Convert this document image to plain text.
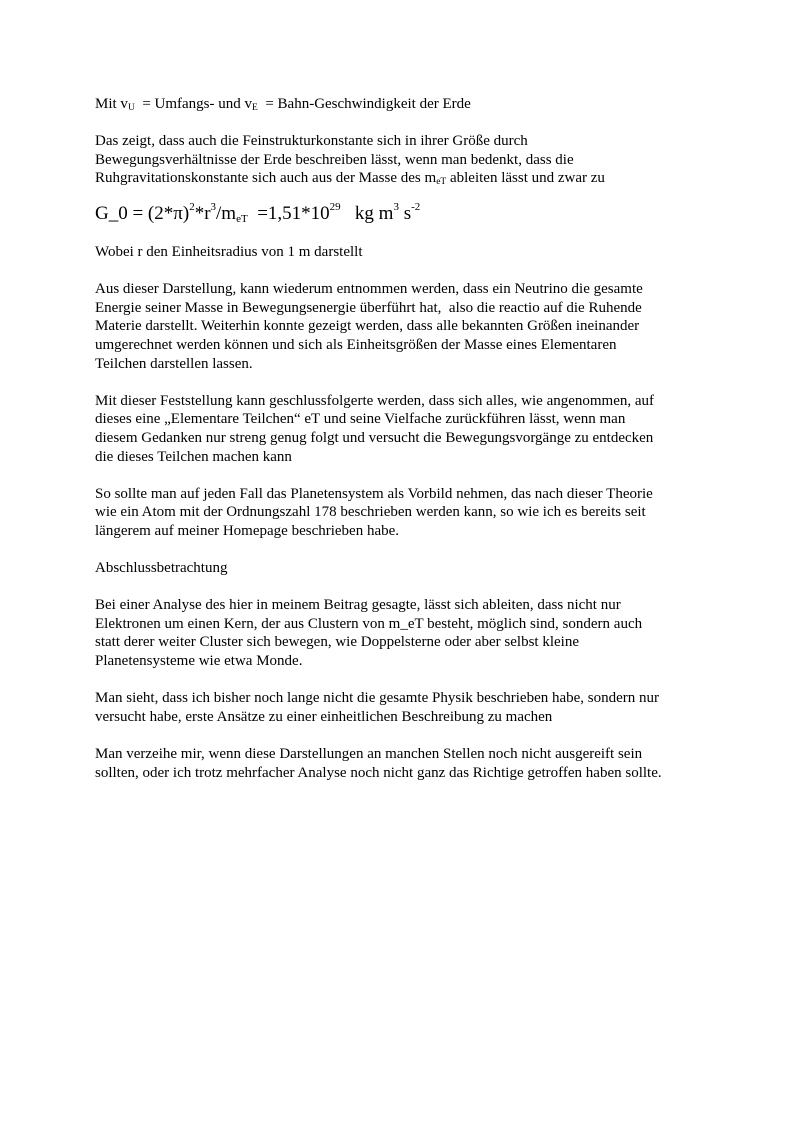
Mit $v_U$  = Umfangs- und $v_E$  = Bahn-Geschwindigkeit der Erde

Das zeigt, dass auch die Feinstrukturkonstante sich in ihrer Größe durch
Bewegungsverhältnisse der Erde beschreiben lässt, wenn man bedenkt, dass die
Ruhgravitationskonstante sich auch aus der Masse des $m_{eT}$ ableiten lässt und zwar zu

G_0 = $(2*\pi)^2*r^3/m_{eT} =1,51*10^{29}$   kg $m^3$ $s^{-2}$

Wobei r den Einheitsradius von 1 m darstellt

Aus dieser Darstellung, kann wiederum entnommen werden, dass ein Neutrino die gesamte
Energie seiner Masse in Bewegungsenergie überführt hat,  also die reactio auf die Ruhende
Materie darstellt. Weiterhin konnte gezeigt werden, dass alle bekannten Größen ineinander
umgerechnet werden können und sich als Einheitsgrößen der Masse eines Elementaren
Teilchen darstellen lassen.

Mit dieser Feststellung kann geschlussfolgerte werden, dass sich alles, wie angenommen, auf
dieses eine „Elementare Teilchen“ eT und seine Vielfache zurückführen lässt, wenn man
diesem Gedanken nur streng genug folgt und versucht die Bewegungsvorgänge zu entdecken
die dieses Teilchen machen kann

So sollte man auf jeden Fall das Planetensystem als Vorbild nehmen, das nach dieser Theorie
wie ein Atom mit der Ordnungszahl 178 beschrieben werden kann, so wie ich es bereits seit
längerem auf meiner Homepage beschrieben habe.

Abschlussbetrachtung

Bei einer Analyse des hier in meinem Beitrag gesagte, lässt sich ableiten, dass nicht nur
Elektronen um einen Kern, der aus Clustern von m_eT besteht, möglich sind, sondern auch
statt derer weiter Cluster sich bewegen, wie Doppelsterne oder aber selbst kleine
Planetensysteme wie etwa Monde.

Man sieht, dass ich bisher noch lange nicht die gesamte Physik beschrieben habe, sondern nur
versucht habe, erste Ansätze zu einer einheitlichen Beschreibung zu machen

Man verzeihe mir, wenn diese Darstellungen an manchen Stellen noch nicht ausgereift sein
sollten, oder ich trotz mehrfacher Analyse noch nicht ganz das Richtige getroffen haben sollte.
